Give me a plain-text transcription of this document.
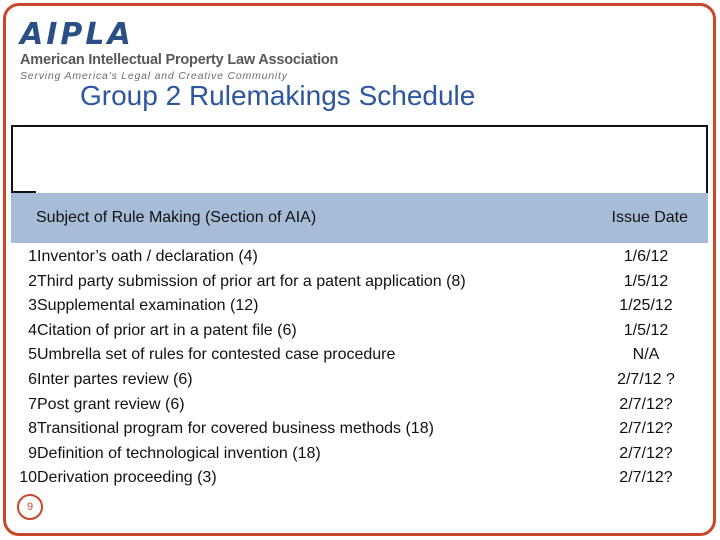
AIPLA
American Intellectual Property Law Association
Serving America's Legal and Creative Community
Group 2 Rulemakings Schedule
Subject of Rule Making (Section of AIA)	Issue Date
1 Inventor’s oath / declaration (4)	1/6/12
2 Third party submission of prior art for a patent application (8)	1/5/12
3 Supplemental examination (12)	1/25/12
4 Citation of prior art in a patent file (6)	1/5/12
5 Umbrella set of rules for contested case procedure	N/A
6 Inter partes review (6)	2/7/12 ?
7 Post grant review (6)	2/7/12?
8 Transitional program for covered business methods (18)	2/7/12?
9 Definition of technological invention (18)	2/7/12?
10 Derivation proceeding (3)	2/7/12?
9
